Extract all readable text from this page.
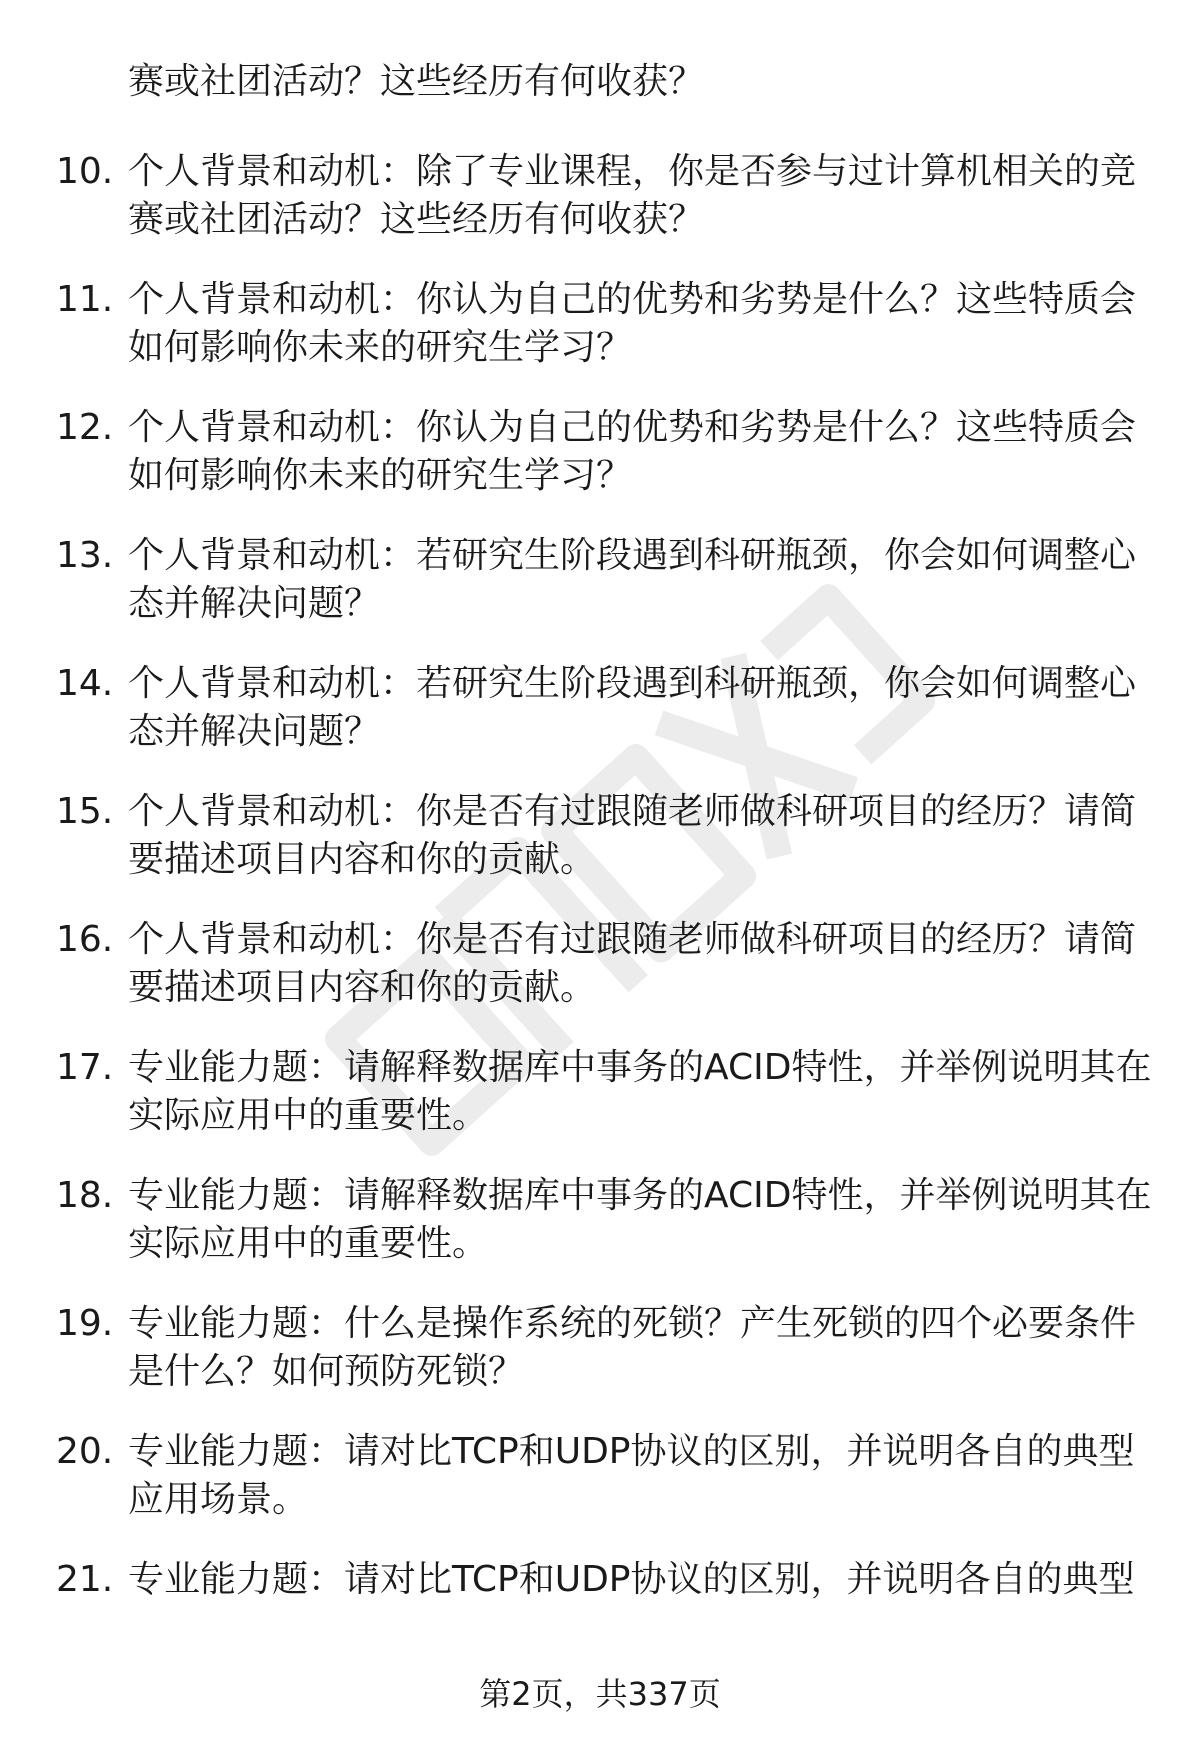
赛或社团活动？这些经历有何收获？
10. 个人背景和动机：除了专业课程，你是否参与过计算机相关的竞赛或社团活动？这些经历有何收获？
11. 个人背景和动机：你认为自己的优势和劣势是什么？这些特质会如何影响你未来的研究生学习？
12. 个人背景和动机：你认为自己的优势和劣势是什么？这些特质会如何影响你未来的研究生学习？
13. 个人背景和动机：若研究生阶段遇到科研瓶颈，你会如何调整心态并解决问题？
14. 个人背景和动机：若研究生阶段遇到科研瓶颈，你会如何调整心态并解决问题？
15. 个人背景和动机：你是否有过跟随老师做科研项目的经历？请简要描述项目内容和你的贡献。
16. 个人背景和动机：你是否有过跟随老师做科研项目的经历？请简要描述项目内容和你的贡献。
17. 专业能力题：请解释数据库中事务的ACID特性，并举例说明其在实际应用中的重要性。
18. 专业能力题：请解释数据库中事务的ACID特性，并举例说明其在实际应用中的重要性。
19. 专业能力题：什么是操作系统的死锁？产生死锁的四个必要条件是什么？如何预防死锁？
20. 专业能力题：请对比TCP和UDP协议的区别，并说明各自的典型应用场景。
21. 专业能力题：请对比TCP和UDP协议的区别，并说明各自的典型
第2页，共337页
